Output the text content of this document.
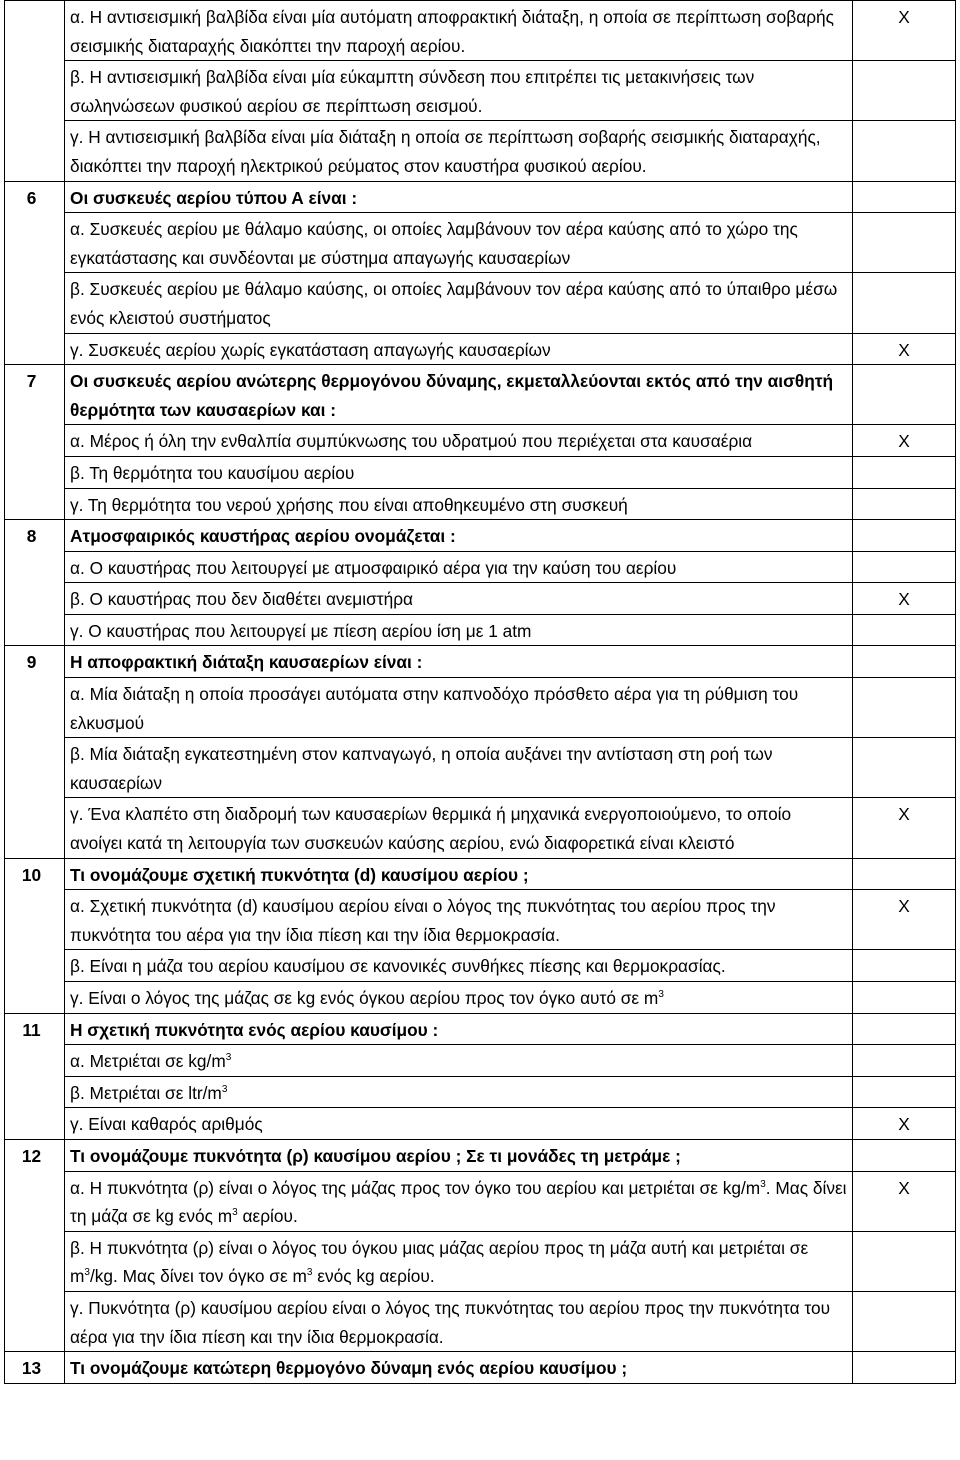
	α. Η αντισεισμική βαλβίδα είναι μία αυτόματη αποφρακτική διάταξη, η οποία σε περίπτωση σοβαρής σεισμικής διαταραχής διακόπτει την παροχή αερίου.	X

	β. Η αντισεισμική βαλβίδα είναι μία εύκαμπτη σύνδεση που επιτρέπει τις μετακινήσεις των σωληνώσεων φυσικού αερίου σε περίπτωση σεισμού.	

	γ. Η αντισεισμική βαλβίδα είναι μία διάταξη η οποία σε περίπτωση σοβαρής σεισμικής διαταραχής, διακόπτει την παροχή ηλεκτρικού ρεύματος στον καυστήρα φυσικού αερίου.	

6	Οι συσκευές αερίου τύπου Α είναι :	

	α. Συσκευές αερίου με θάλαμο καύσης, οι οποίες λαμβάνουν τον αέρα καύσης από το χώρο της εγκατάστασης και συνδέονται με σύστημα απαγωγής καυσαερίων	

	β. Συσκευές αερίου με θάλαμο καύσης, οι οποίες λαμβάνουν τον αέρα καύσης από το ύπαιθρο μέσω ενός κλειστού συστήματος	

	γ. Συσκευές αερίου χωρίς εγκατάσταση απαγωγής καυσαερίων	X
7	Οι συσκευές αερίου ανώτερης θερμογόνου δύναμης, εκμεταλλεύονται εκτός από την αισθητή θερμότητα των καυσαερίων και :	

	α. Μέρος ή όλη την ενθαλπία συμπύκνωσης του υδρατμού που περιέχεται στα καυσαέρια	X

	β. Τη θερμότητα του καυσίμου αερίου	

	γ. Τη θερμότητα του νερού χρήσης που είναι αποθηκευμένο στη συσκευή	

8	Ατμοσφαιρικός καυστήρας αερίου ονομάζεται :	

	α. Ο καυστήρας που λειτουργεί με ατμοσφαιρικό αέρα για την καύση του αερίου	

	β. Ο καυστήρας που δεν διαθέτει ανεμιστήρα	X

	γ. Ο καυστήρας που λειτουργεί με πίεση αερίου ίση με 1 atm	

9	Η αποφρακτική διάταξη καυσαερίων είναι :	

	α. Μία διάταξη η οποία προσάγει αυτόματα στην καπνοδόχο πρόσθετο αέρα για τη ρύθμιση του ελκυσμού	

	β. Μία διάταξη εγκατεστημένη στον καπναγωγό, η οποία αυξάνει την αντίσταση στη ροή των καυσαερίων	

	γ. Ένα κλαπέτο στη διαδρομή των καυσαερίων θερμικά ή μηχανικά ενεργοποιούμενο, το οποίο ανοίγει κατά τη λειτουργία των συσκευών καύσης αερίου, ενώ διαφορετικά είναι κλειστό	X
10	Τι ονομάζουμε σχετική πυκνότητα (d) καυσίμου αερίου ;	

	α. Σχετική πυκνότητα (d) καυσίμου αερίου είναι ο λόγος της πυκνότητας του αερίου προς την πυκνότητα του αέρα για την ίδια πίεση και την ίδια θερμοκρασία.	X

	β. Είναι η μάζα του αερίου καυσίμου σε κανονικές συνθήκες πίεσης και θερμοκρασίας.	

	γ. Είναι ο λόγος της μάζας σε kg ενός όγκου αερίου προς τον όγκο αυτό σε $m^3$

11	Η σχετική πυκνότητα ενός αερίου καυσίμου :	

	α. Μετριέται σε $kg/m^3$

	β. Μετριέται σε ltr/$m^3$

	γ. Είναι καθαρός αριθμός	X
12	Τι ονομάζουμε πυκνότητα (ρ) καυσίμου αερίου ; Σε τι μονάδες τη μετράμε ;	

	α. Η πυκνότητα (ρ) είναι ο λόγος της μάζας προς τον όγκο του αερίου και μετριέται σε $kg/m^3$. Μας δίνει τη μάζα σε kg ενός $m^3$ αερίου.	X

	β. Η πυκνότητα (ρ) είναι ο λόγος του όγκου μιας μάζας αερίου προς τη μάζα αυτή και μετριέται σε $m^3/kg$. Μας δίνει τον όγκο σε $m^3$ ενός kg αερίου.	

	γ. Πυκνότητα (ρ) καυσίμου αερίου είναι ο λόγος της πυκνότητας του αερίου προς την πυκνότητα του αέρα για την ίδια πίεση και την ίδια θερμοκρασία.	

13	Τι ονομάζουμε κατώτερη θερμογόνο δύναμη ενός αερίου καυσίμου ;	
